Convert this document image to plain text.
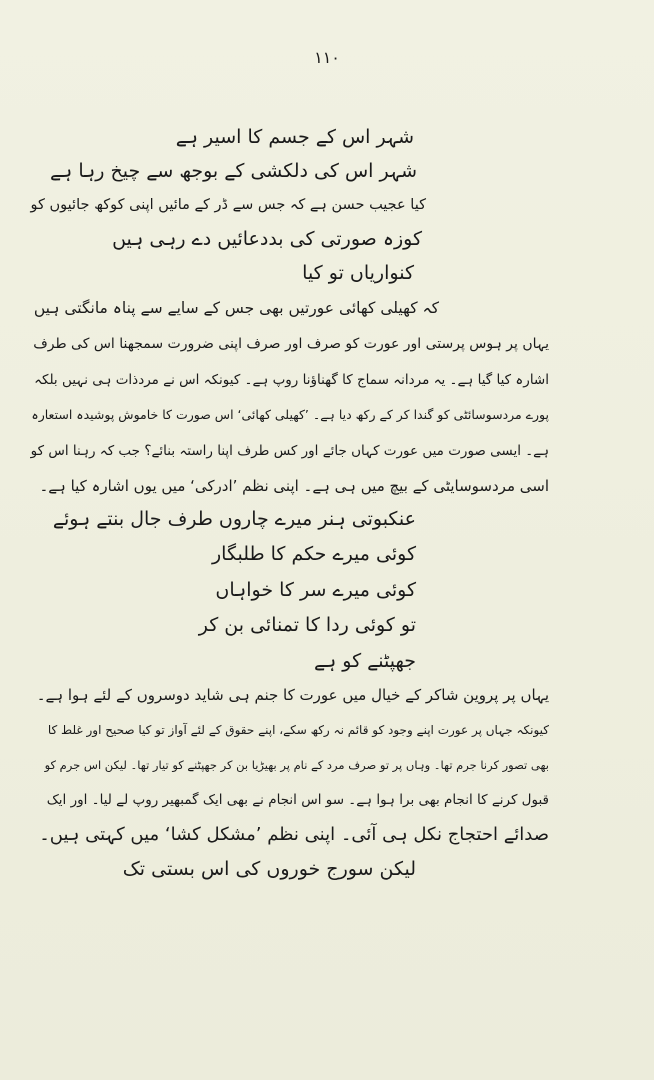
١١٠
شہر اس کے جسم کا اسیر ہے
شہر اس کی دلکشی کے بوجھ سے چیخ رہا ہے
کیا عجیب حسن ہے کہ جس سے ڈر کے مائیں اپنی کوکھ جائیوں کو
کوزہ صورتی کی بددعائیں دے رہی ہیں
کنواریاں تو کیا
کہ کھیلی کھائی عورتیں بھی جس کے سایے سے پناہ مانگتی ہیں
یہاں پر ہوس پرستی اور عورت کو صرف اور صرف اپنی ضرورت سمجھنا اس کی طرف
اشارہ کیا گیا ہے۔ یہ مردانہ سماج کا گھناؤنا روپ ہے۔ کیونکہ اس نے مردذات ہی نہیں بلکہ
پورے مردسوسائٹی کو گندا کر کے رکھ دیا ہے۔ ’کھیلی کھائی‘ اس صورت کا خاموش پوشیدہ استعارہ
ہے۔ ایسی صورت میں عورت کہاں جائے اور کس طرف اپنا راستہ بنائے؟ جب کہ رہنا اس کو
اسی مردسوسایٹی کے بیچ میں ہی ہے۔ اپنی نظم ’ادرکی‘ میں یوں اشارہ کیا ہے۔
عنکبوتی ہنر میرے چاروں طرف جال بنتے ہوئے
کوئی میرے حکم کا طلبگار
کوئی میرے سر کا خواہاں
تو کوئی ردا کا تمنائی بن کر
جھپٹنے کو ہے
یہاں پر پروین شاکر کے خیال میں عورت کا جنم ہی شاید دوسروں کے لئے ہوا ہے۔
کیونکہ جہاں پر عورت اپنے وجود کو قائم نہ رکھ سکے، اپنے حقوق کے لئے آواز تو کیا صحیح اور غلط کا
بھی تصور کرنا جرم تھا۔ وہاں پر تو صرف مرد کے نام پر بھیڑیا بن کر جھپٹنے کو تیار تھا۔ لیکن اس جرم کو
قبول کرنے کا انجام بھی برا ہوا ہے۔ سو اس انجام نے بھی ایک گمبھیر روپ لے لیا۔ اور ایک
صدائے احتجاج نکل ہی آئی۔ اپنی نظم ’مشکل کشا‘ میں کہتی ہیں۔
لیکن سورج خوروں کی اس بستی تک
